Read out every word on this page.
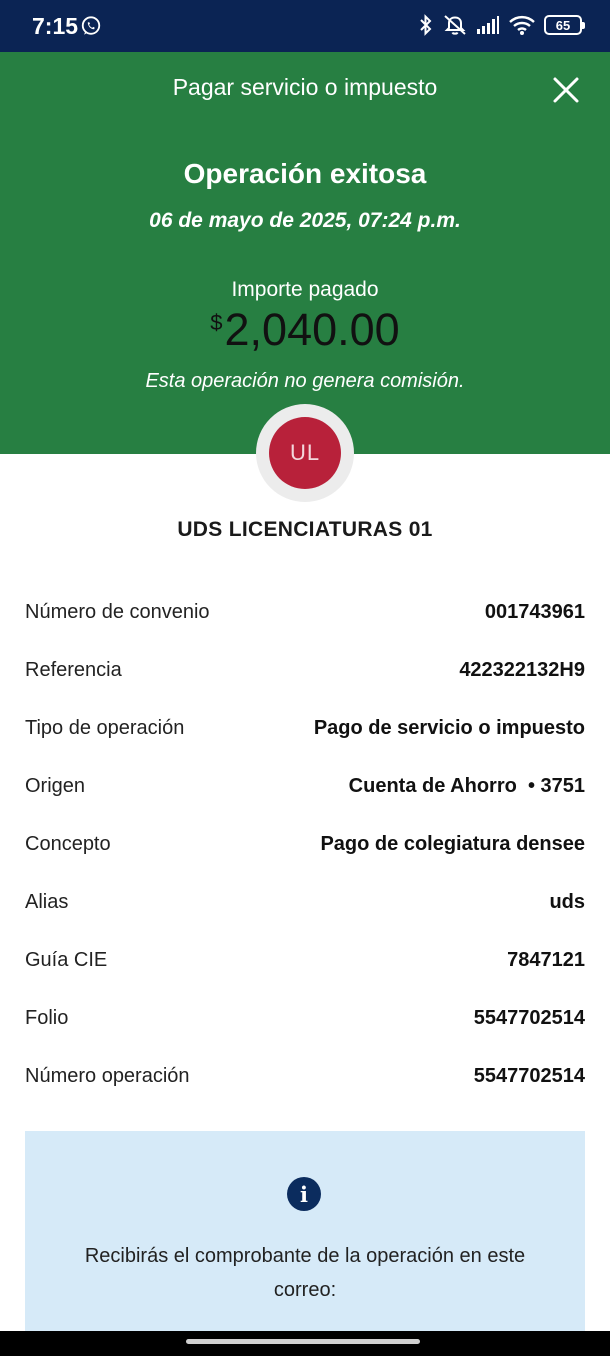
7:15	65
Pagar servicio o impuesto
Operación exitosa
06 de mayo de 2025, 07:24 p.m.
Importe pagado
$2,040.00
Esta operación no genera comisión.
UL
UDS LICENCIATURAS 01
Número de convenio	001743961
Referencia	422322132H9
Tipo de operación	Pago de servicio o impuesto
Origen	Cuenta de Ahorro  • 3751
Concepto	Pago de colegiatura densee
Alias	uds
Guía CIE	7847121
Folio	5547702514
Número operación	5547702514
i
Recibirás el comprobante de la operación en este correo:
